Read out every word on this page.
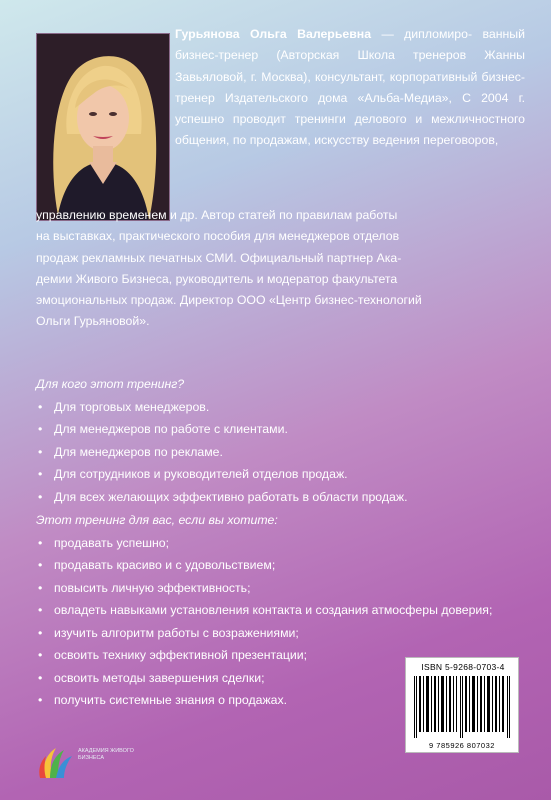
Гурьянова Ольга Валерьевна — дипломиро- ванный бизнес-тренер (Авторская Школа тренеров Жанны Завьяловой, г. Москва), консультант, корпоративный бизнес-тренер Издательского дома «Альба-Медиа», С 2004 г. успешно проводит тренинги делового и межличностного общения, по продажам, искусству ведения переговоров,
управлению временем и др. Автор статей по правилам работы
на выставках, практического пособия для менеджеров отделов
продаж рекламных печатных СМИ. Официальный партнер Ака-
демии Живого Бизнеса, руководитель и модератор факультета
эмоциональных продаж. Директор ООО «Центр бизнес-технологий
Ольги Гурьяновой».
Для кого этот тренинг?
• Для торговых менеджеров.
• Для менеджеров по работе с клиентами.
• Для менеджеров по рекламе.
• Для сотрудников и руководителей отделов продаж.
• Для всех желающих эффективно работать в области продаж.
Этот тренинг для вас, если вы хотите:
• продавать успешно;
• продавать красиво и с удовольствием;
• повысить личную эффективность;
• овладеть навыками установления контакта и создания атмосферы доверия;
• изучить алгоритм работы с возражениями;
• освоить технику эффективной презентации;
• освоить методы завершения сделки;
• получить системные знания о продажах.
ISBN 5-9268-0703-4
9 785926 807032
АКАДЕМИЯ ЖИВОГО БИЗНЕСА
